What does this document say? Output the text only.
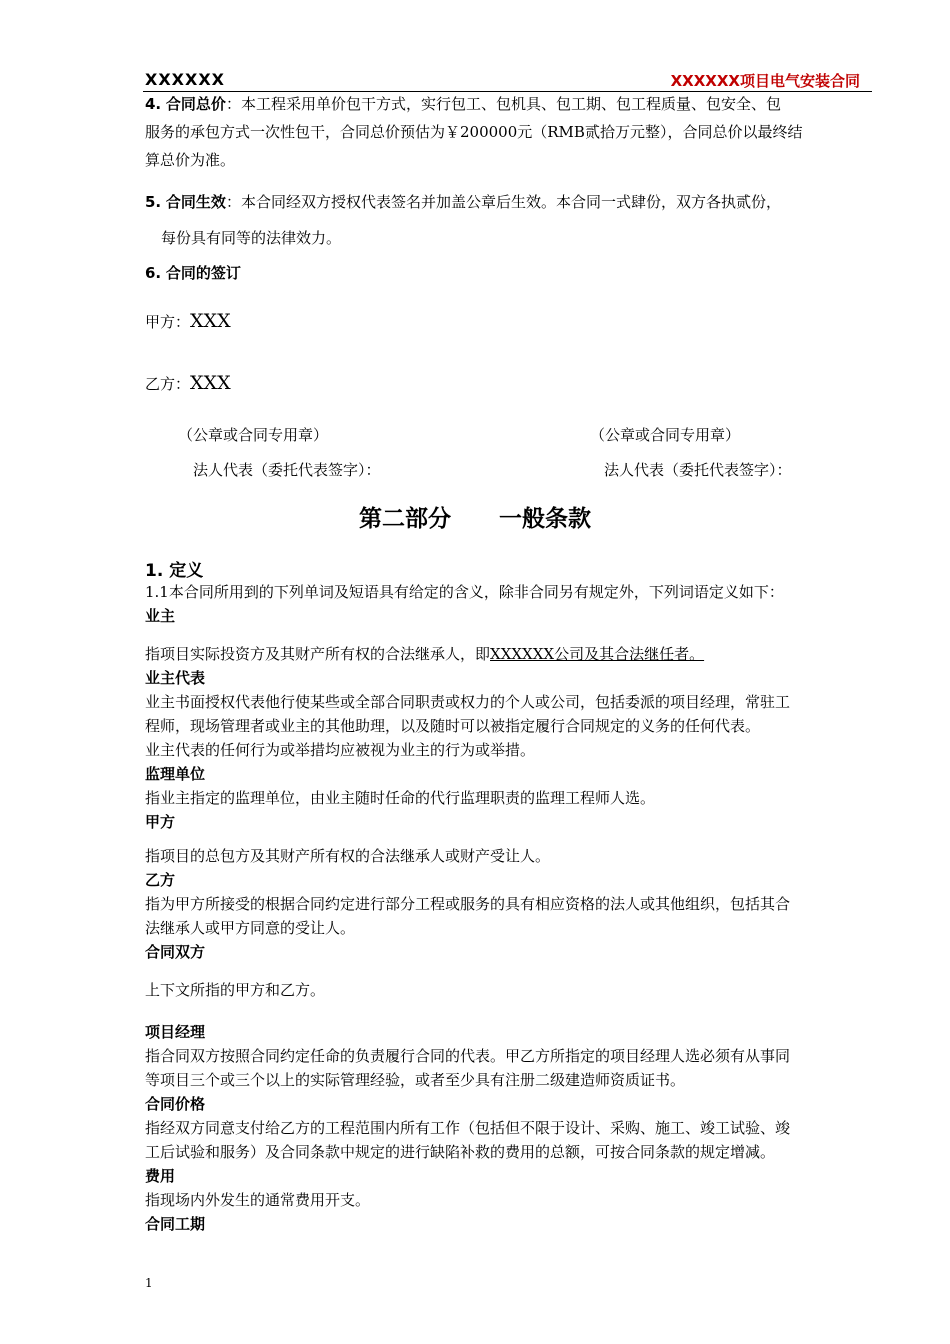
XXXXXX	XXXXXX项目电气安装合同
4. 合同总价：本工程采用单价包干方式，实行包工、包机具、包工期、包工程质量、包安全、包
服务的承包方式一次性包干，合同总价预估为￥200000元（RMB贰拾万元整），合同总价以最终结
算总价为准。
5. 合同生效：本合同经双方授权代表签名并加盖公章后生效。本合同一式肆份，双方各执贰份，
每份具有同等的法律效力。
6. 合同的签订
甲方：XXX
乙方：XXX
（公章或合同专用章）	（公章或合同专用章）
法人代表（委托代表签字）：	法人代表（委托代表签字）：
第二部分 一般条款
1. 定义
1.1本合同所用到的下列单词及短语具有给定的含义，除非合同另有规定外，下列词语定义如下：
业主
指项目实际投资方及其财产所有权的合法继承人，即XXXXXX公司及其合法继任者。
业主代表
业主书面授权代表他行使某些或全部合同职责或权力的个人或公司，包括委派的项目经理，常驻工
程师，现场管理者或业主的其他助理，以及随时可以被指定履行合同规定的义务的任何代表。
业主代表的任何行为或举措均应被视为业主的行为或举措。
监理单位
指业主指定的监理单位，由业主随时任命的代行监理职责的监理工程师人选。
甲方
指项目的总包方及其财产所有权的合法继承人或财产受让人。
乙方
指为甲方所接受的根据合同约定进行部分工程或服务的具有相应资格的法人或其他组织，包括其合
法继承人或甲方同意的受让人。
合同双方
上下文所指的甲方和乙方。
项目经理
指合同双方按照合同约定任命的负责履行合同的代表。甲乙方所指定的项目经理人选必须有从事同
等项目三个或三个以上的实际管理经验，或者至少具有注册二级建造师资质证书。
合同价格
指经双方同意支付给乙方的工程范围内所有工作（包括但不限于设计、采购、施工、竣工试验、竣
工后试验和服务）及合同条款中规定的进行缺陷补救的费用的总额，可按合同条款的规定增减。
费用
指现场内外发生的通常费用开支。
合同工期
1
